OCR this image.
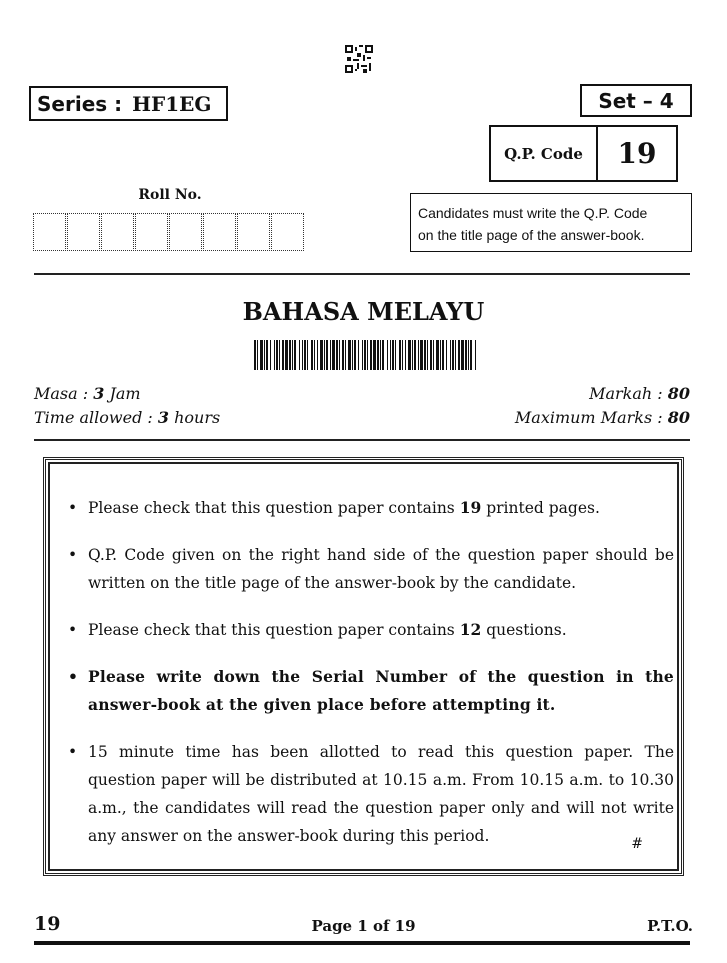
Series : HF1EG	Set – 4
Q.P. Code	19
Roll No.
Candidates must write the Q.P. Code
on the title page of the answer-book.
BAHASA MELAYU
Masa : 3 Jam
Time allowed : 3 hours
Markah : 80
Maximum Marks : 80
• Please check that this question paper contains 19 printed pages.
• Q.P. Code given on the right hand side of the question paper should be written on the title page of the answer-book by the candidate.
• Please check that this question paper contains 12 questions.
• Please write down the Serial Number of the question in the answer-book at the given place before attempting it.
• 15 minute time has been allotted to read this question paper. The question paper will be distributed at 10.15 a.m. From 10.15 a.m. to 10.30 a.m., the candidates will read the question paper only and will not write any answer on the answer-book during this period.	#
19	Page 1 of 19	P.T.O.
